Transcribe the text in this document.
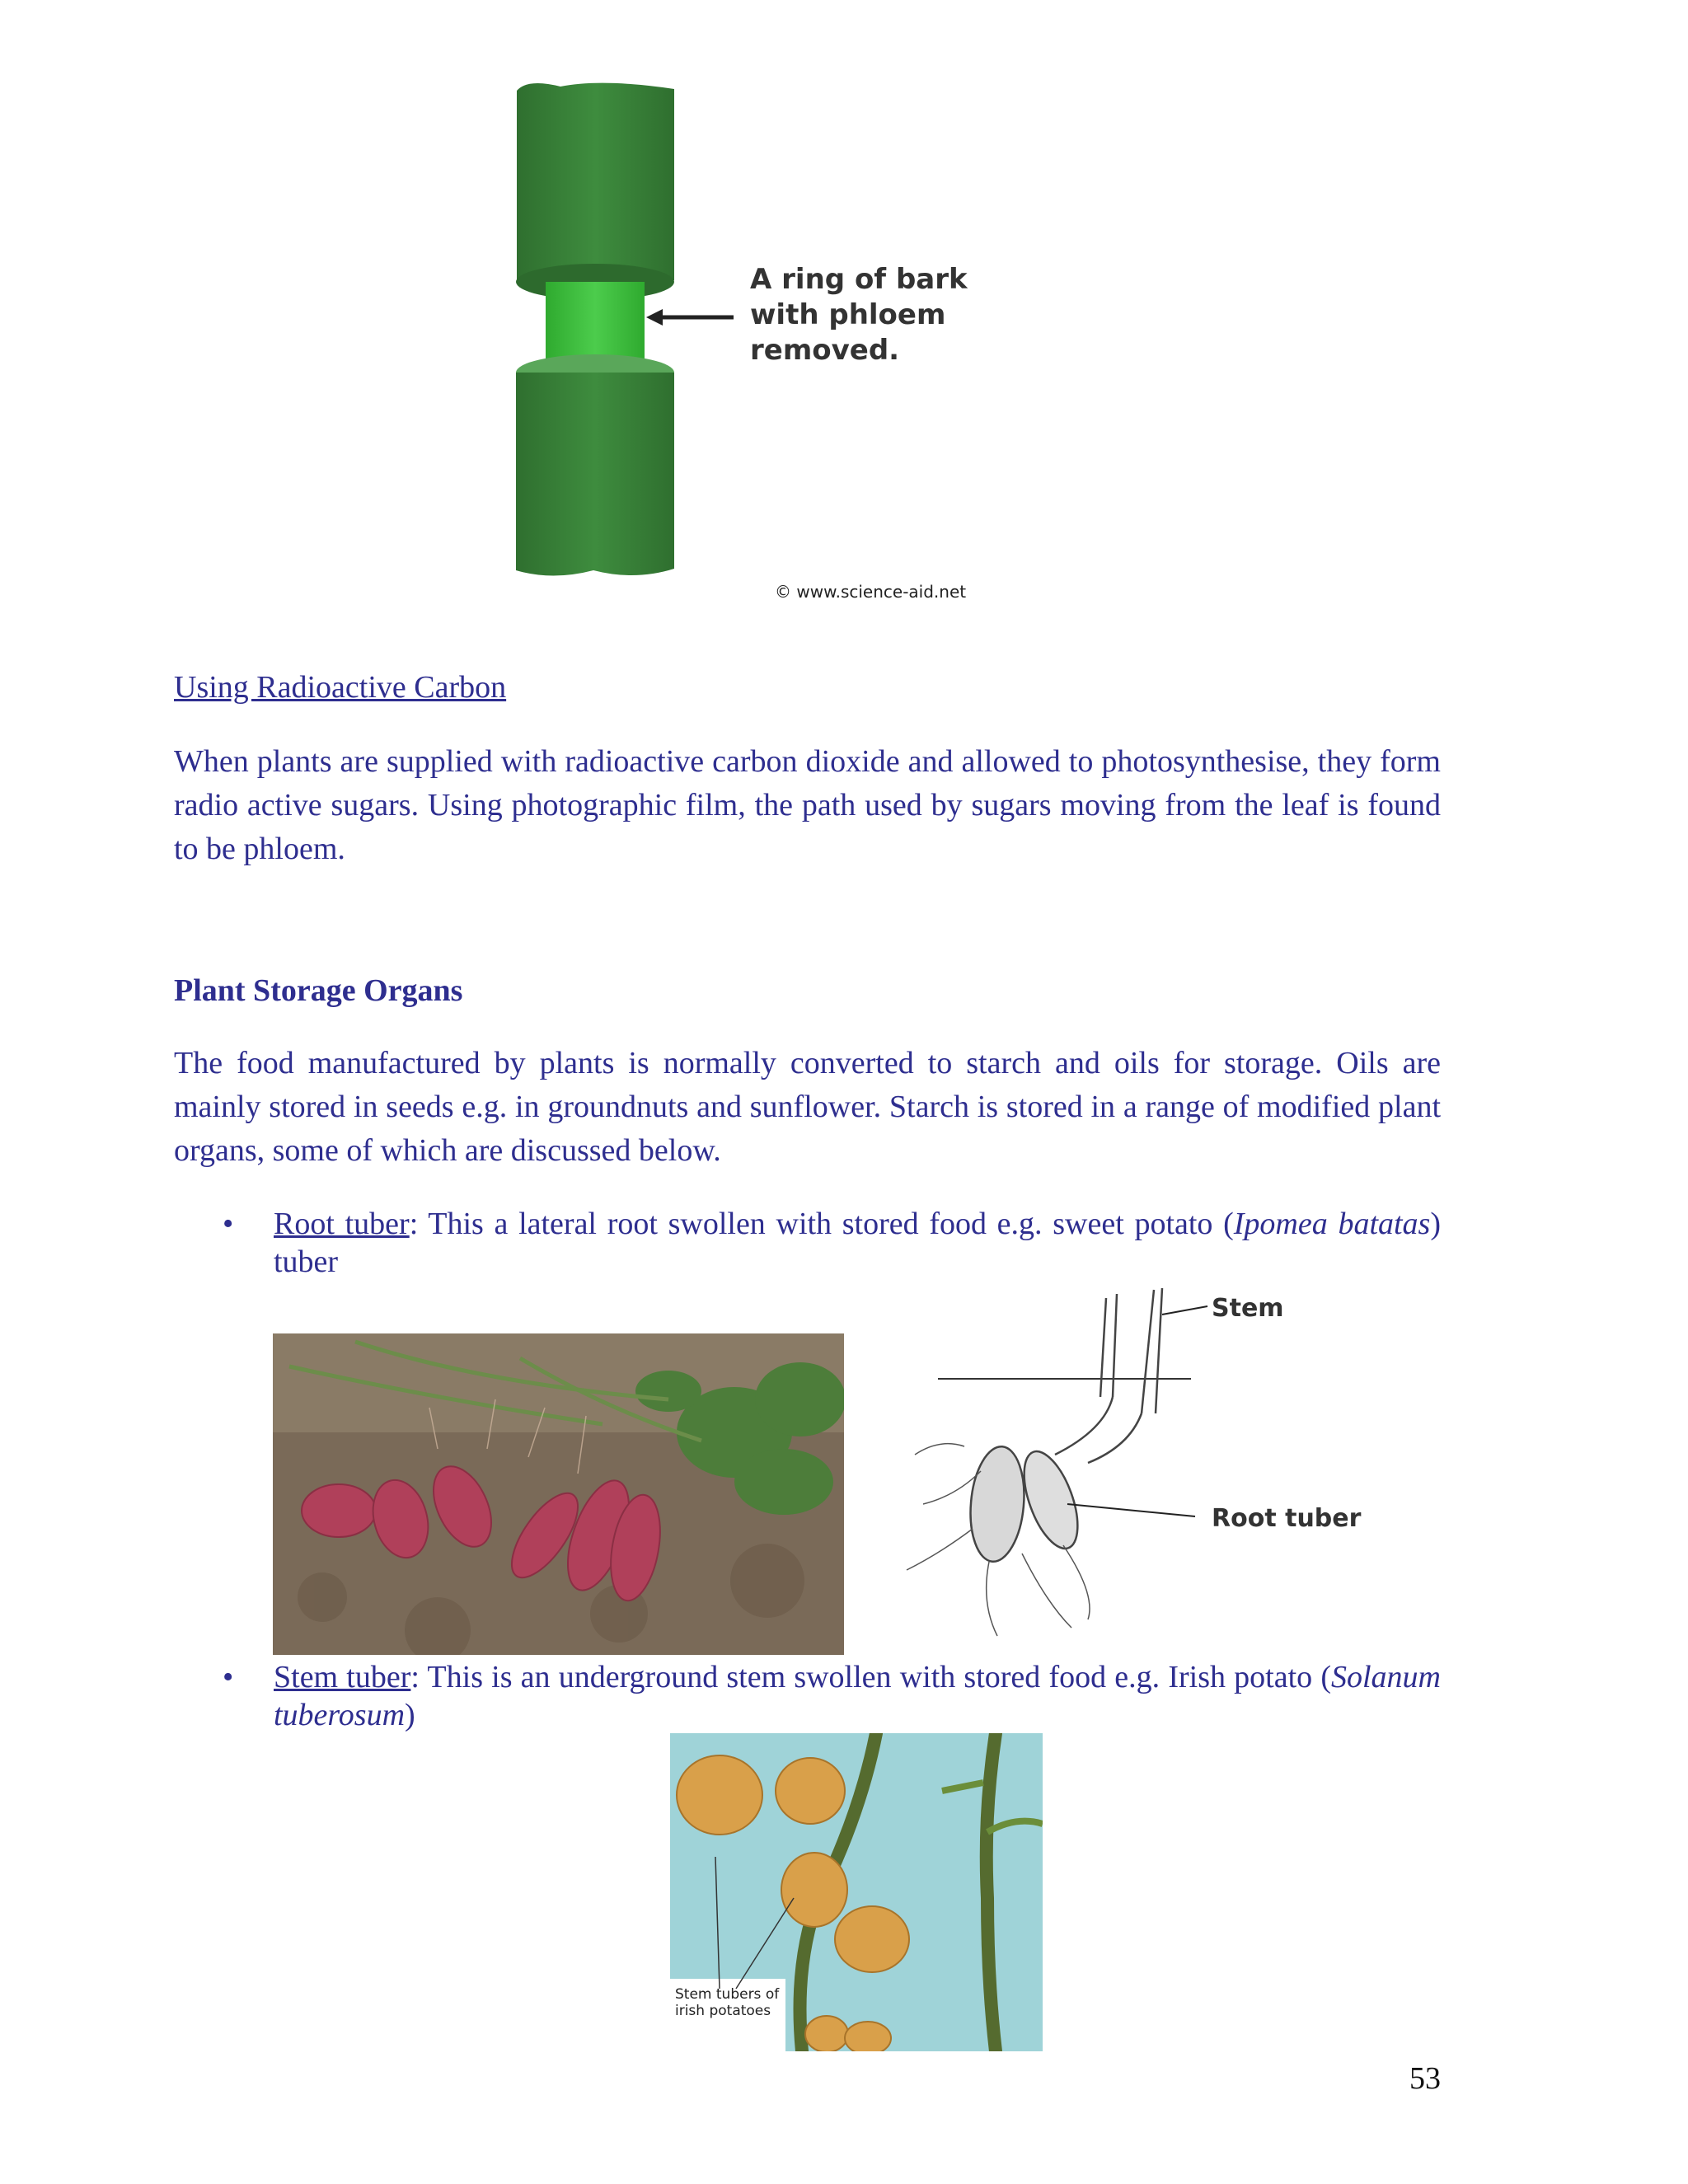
A ring of bark
with phloem
removed.
© www.science-aid.net

Using Radioactive Carbon

When plants are supplied with radioactive carbon dioxide and allowed to photosynthesise, they form radio active sugars. Using photographic film, the path used by sugars moving from the leaf is found to be phloem.

Plant Storage Organs

The food manufactured by plants is normally converted to starch and oils for storage. Oils are mainly stored in seeds e.g. in groundnuts and sunflower. Starch is stored in a range of modified plant organs, some of which are discussed below.

•	Root tuber: This a lateral root swollen with stored food e.g. sweet potato (Ipomea batatas) tuber
Stem
Root tuber
•	Stem tuber: This is an underground stem swollen with stored food e.g. Irish potato (Solanum tuberosum)
Stem tubers of
irish potatoes
53
